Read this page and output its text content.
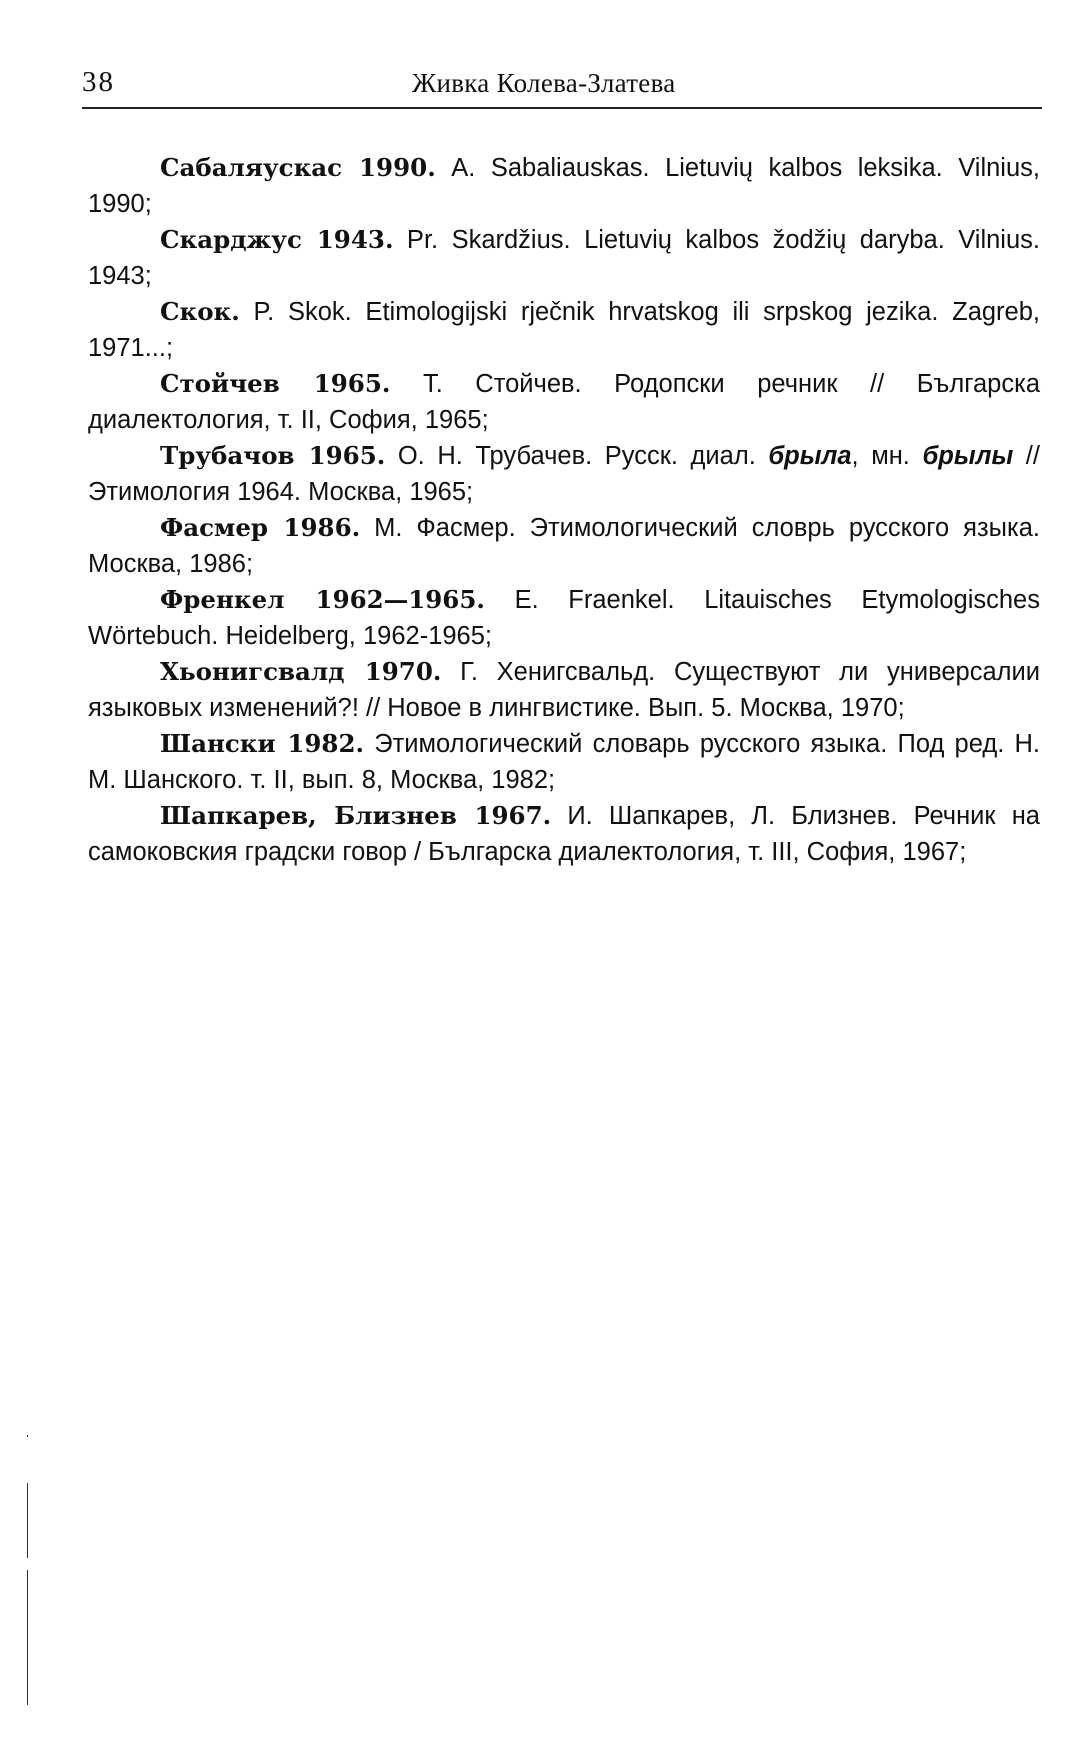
38	Живка Колева-Златева

Сабаляускас 1990. A. Sabaliauskas. Lietuvių kalbos leksika. Vilnius, 1990;

Скарджус 1943. Pr. Skardžius. Lietuvių kalbos žodžių daryba. Vilnius. 1943;

Скок. P. Skok. Etimologijski rječnik hrvatskog ili srpskog jezika. Zagreb, 1971...;

Стойчев 1965. Т. Стойчев. Родопски речник // Българска диалектология, т. II, София, 1965;

Трубачов 1965. О. Н. Трубачев. Русск. диал. брыла, мн. брылы // Этимология 1964. Москва, 1965;

Фасмер 1986. М. Фасмер. Этимологический словрь русского языка. Москва, 1986;

Френкел 1962—1965. E. Fraenkel. Litauisches Etymologisches Wörtebuch. Heidelberg, 1962-1965;

Хьонигсвалд 1970. Г. Хенигсвальд. Существуют ли универсалии языковых изменений?! // Новое в лингвистике. Вып. 5. Москва, 1970;

Шански 1982. Этимологический словарь русского языка. Под ред. Н. М. Шанского. т. II, вып. 8, Москва, 1982;

Шапкарев, Близнев 1967. И. Шапкарев, Л. Близнев. Речник на самоковския градски говор / Българска диалектология, т. III, София, 1967;
